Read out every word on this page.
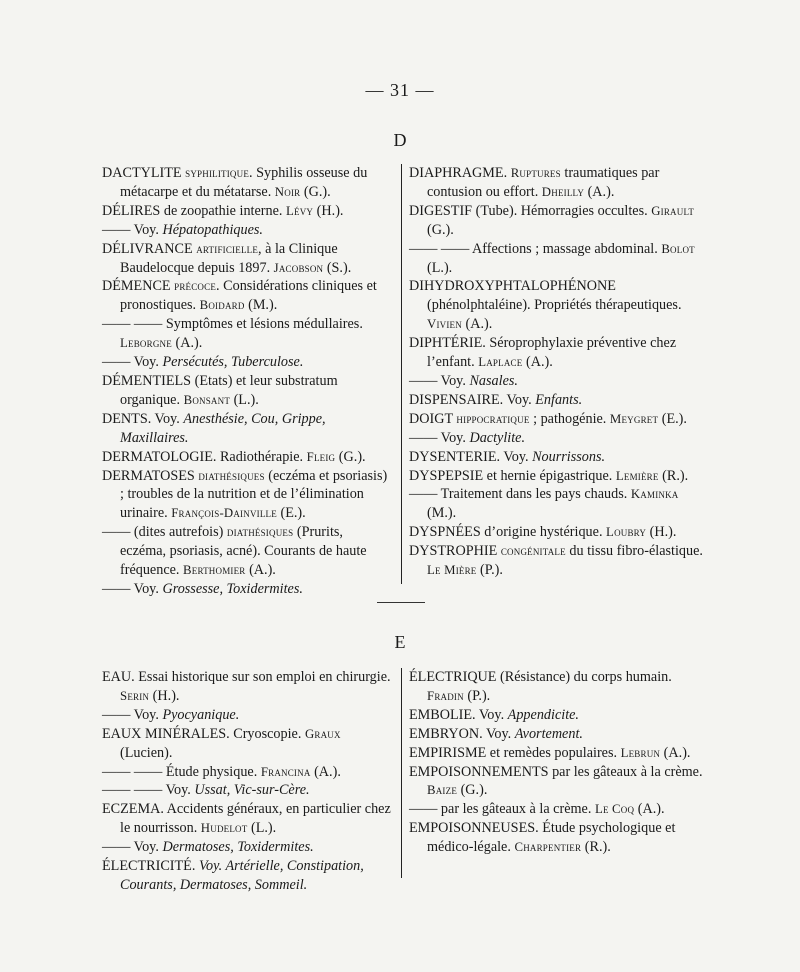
— 31 —
D

DACTYLITE syphilitique. Syphilis osseuse du métacarpe et du métatarse. Noir (G.).

DÉLIRES de zoopathie interne. Lévy (H.).

—— Voy. Hépatopathiques.

DÉLIVRANCE artificielle, à la Clinique Baudelocque depuis 1897. Jacobson (S.).

DÉMENCE précoce. Considérations cliniques et pronostiques. Boidard (M.).

—— —— Symptômes et lésions médullaires. Leborgne (A.).

—— Voy. Persécutés, Tuberculose.

DÉMENTIELS (Etats) et leur substratum organique. Bonsant (L.).

DENTS. Voy. Anesthésie, Cou, Grippe, Maxillaires.

DERMATOLOGIE. Radiothérapie. Fleig (G.).

DERMATOSES diathésiques (eczéma et psoriasis) ; troubles de la nutrition et de l’élimination urinaire. François-Dainville (E.).

—— (dites autrefois) diathésiques (Prurits, eczéma, psoriasis, acné). Courants de haute fréquence. Berthomier (A.).

—— Voy. Grossesse, Toxidermites.

DIAPHRAGME. Ruptures traumatiques par contusion ou effort. Dheilly (A.).

DIGESTIF (Tube). Hémorragies occultes. Girault (G.).

—— —— Affections ; massage abdominal. Bolot (L.).

DIHYDROXYPHTALOPHÉNONE (phénolphtaléine). Propriétés thérapeutiques. Vivien (A.).

DIPHTÉRIE. Séroprophylaxie préventive chez l’enfant. Laplace (A.).

—— Voy. Nasales.

DISPENSAIRE. Voy. Enfants.

DOIGT hippocratique ; pathogénie. Meygret (E.).

—— Voy. Dactylite.

DYSENTERIE. Voy. Nourrissons.

DYSPEPSIE et hernie épigastrique. Lemière (R.).

—— Traitement dans les pays chauds. Kaminka (M.).

DYSPNÉES d’origine hystérique. Loubry (H.).

DYSTROPHIE congénitale du tissu fibro-élastique. Le Mière (P.).

E

EAU. Essai historique sur son emploi en chirurgie. Serin (H.).

—— Voy. Pyocyanique.

EAUX MINÉRALES. Cryoscopie. Graux (Lucien).

—— —— Étude physique. Francina (A.).

—— —— Voy. Ussat, Vic-sur-Cère.

ECZEMA. Accidents généraux, en particulier chez le nourrisson. Hudelot (L.).

—— Voy. Dermatoses, Toxidermites.

ÉLECTRICITÉ. Voy. Artérielle, Constipation, Courants, Dermatoses, Sommeil.

ÉLECTRIQUE (Résistance) du corps humain. Fradin (P.).

EMBOLIE. Voy. Appendicite.

EMBRYON. Voy. Avortement.

EMPIRISME et remèdes populaires. Lebrun (A.).

EMPOISONNEMENTS par les gâteaux à la crème. Baize (G.).

—— par les gâteaux à la crème. Le Coq (A.).

EMPOISONNEUSES. Étude psychologique et médico-légale. Charpentier (R.).
